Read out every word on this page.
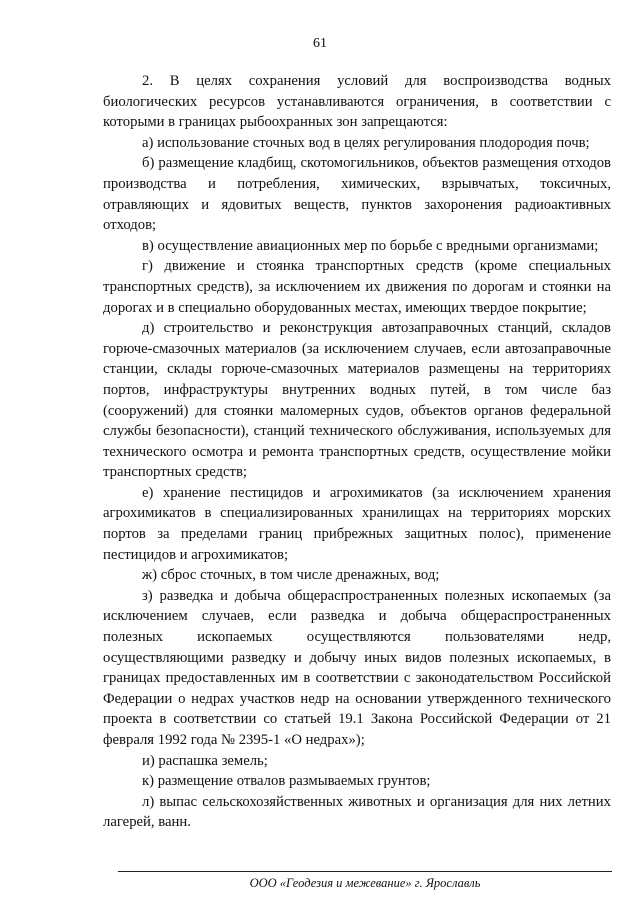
61

2. В целях сохранения условий для воспроизводства водных биологических ресурсов устанавливаются ограничения, в соответствии с которыми в границах рыбоохранных зон запрещаются:

а) использование сточных вод в целях регулирования плодородия почв;

б) размещение кладбищ, скотомогильников, объектов размещения отходов производства и потребления, химических, взрывчатых, токсичных, отравляющих и ядовитых веществ, пунктов захоронения радиоактивных отходов;

в) осуществление авиационных мер по борьбе с вредными организмами;

г) движение и стоянка транспортных средств (кроме специальных транспортных средств), за исключением их движения по дорогам и стоянки на дорогах и в специально оборудованных местах, имеющих твердое покрытие;

д) строительство и реконструкция автозаправочных станций, складов горюче-смазочных материалов (за исключением случаев, если автозаправочные станции, склады горюче-смазочных материалов размещены на территориях портов, инфраструктуры внутренних водных путей, в том числе баз (сооружений) для стоянки маломерных судов, объектов органов федеральной службы безопасности), станций технического обслуживания, используемых для технического осмотра и ремонта транспортных средств, осуществление мойки транспортных средств;

е) хранение пестицидов и агрохимикатов (за исключением хранения агрохимикатов в специализированных хранилищах на территориях морских портов за пределами границ прибрежных защитных полос), применение пестицидов и агрохимикатов;

ж) сброс сточных, в том числе дренажных, вод;

з) разведка и добыча общераспространенных полезных ископаемых (за исключением случаев, если разведка и добыча общераспространенных полезных ископаемых осуществляются пользователями недр, осуществляющими разведку и добычу иных видов полезных ископаемых, в границах предоставленных им в соответствии с законодательством Российской Федерации о недрах участков недр на основании утвержденного технического проекта в соответствии со статьей 19.1 Закона Российской Федерации от 21 февраля 1992 года № 2395-1 «О недрах»);

и) распашка земель;

к) размещение отвалов размываемых грунтов;

л) выпас сельскохозяйственных животных и организация для них летних лагерей, ванн.

ООО «Геодезия и межевание» г. Ярославль
